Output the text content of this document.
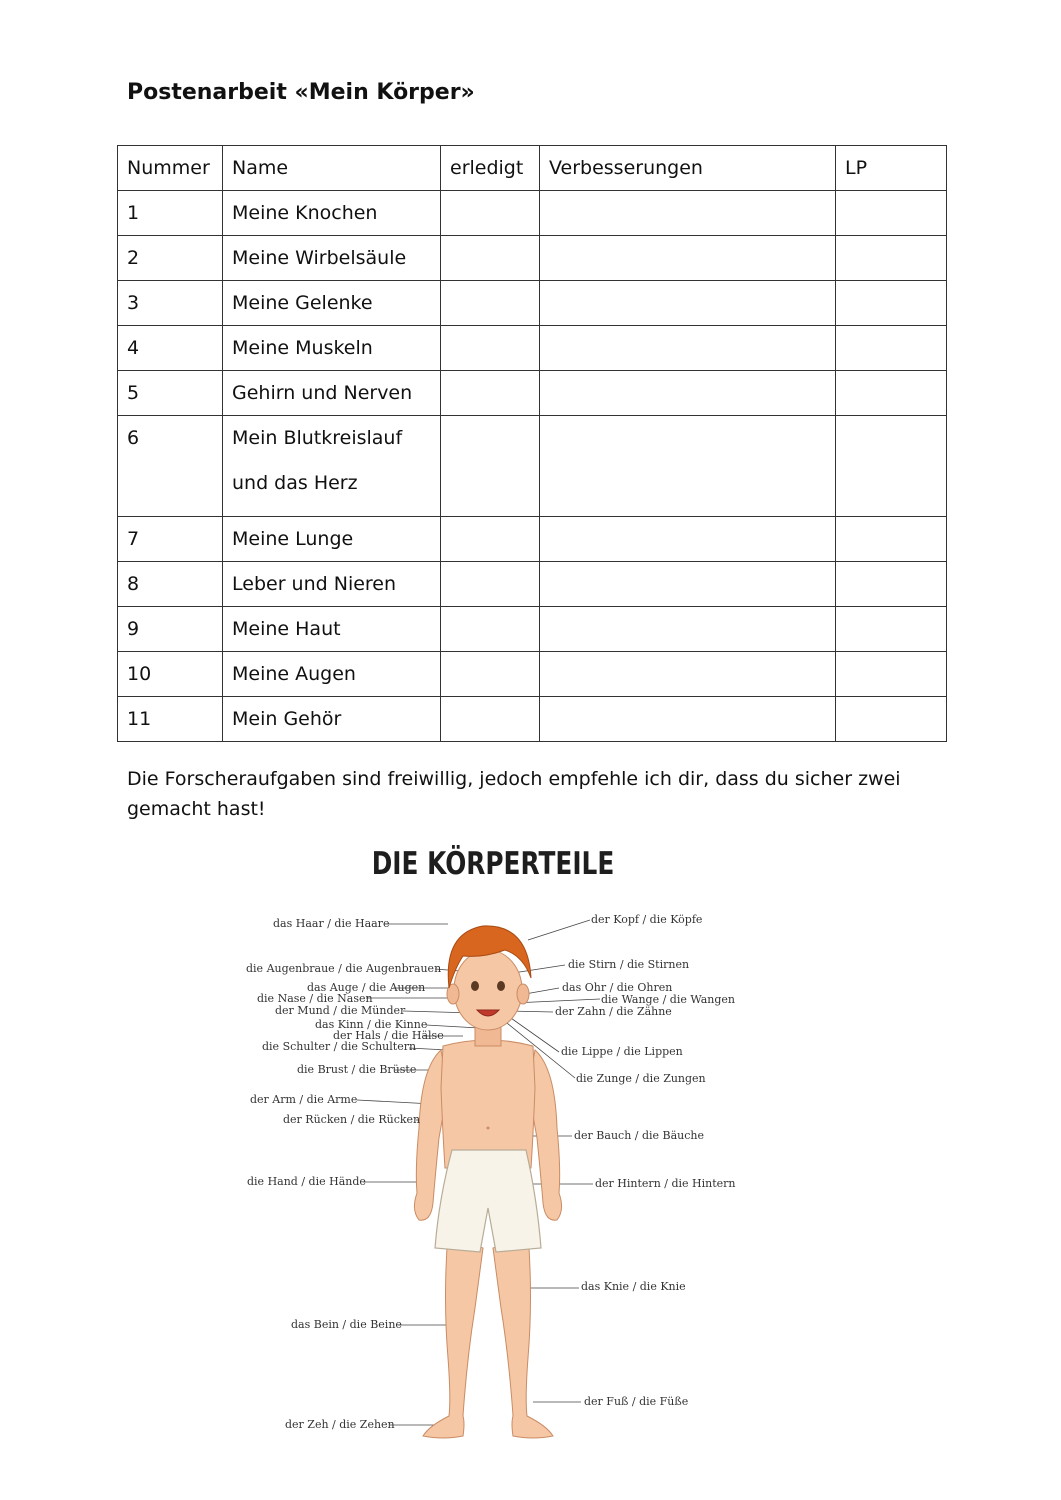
Postenarbeit «Mein Körper»
Nummer	Name	erledigt	Verbesserungen	LP
1	Meine Knochen			
2	Meine Wirbelsäule			
3	Meine Gelenke			
4	Meine Muskeln			
5	Gehirn und Nerven			
6	Mein Blutkreislauf
und das Herz			

7	Meine Lunge			
8	Leber und Nieren			
9	Meine Haut			
10	Meine Augen			
11	Mein Gehör			
Die Forscheraufgaben sind freiwillig, jedoch empfehle ich dir, dass du sicher zwei gemacht hast!
DIE KÖRPERTEILE
das Haar / die Haare
die Augenbraue / die Augenbrauen
das Auge / die Augen
die Nase / die Nasen
der Mund / die Münder
das Kinn / die Kinne
der Hals / die Hälse
die Schulter / die Schultern
die Brust / die Brüste
der Arm / die Arme
der Rücken / die Rücken
die Hand / die Hände
das Bein / die Beine
der Zeh / die Zehen
der Kopf / die Köpfe
die Stirn / die Stirnen
das Ohr / die Ohren
die Wange / die Wangen
der Zahn / die Zähne
die Lippe / die Lippen
die Zunge / die Zungen
der Bauch / die Bäuche
der Hintern / die Hintern
das Knie / die Knie
der Fuß / die Füße
